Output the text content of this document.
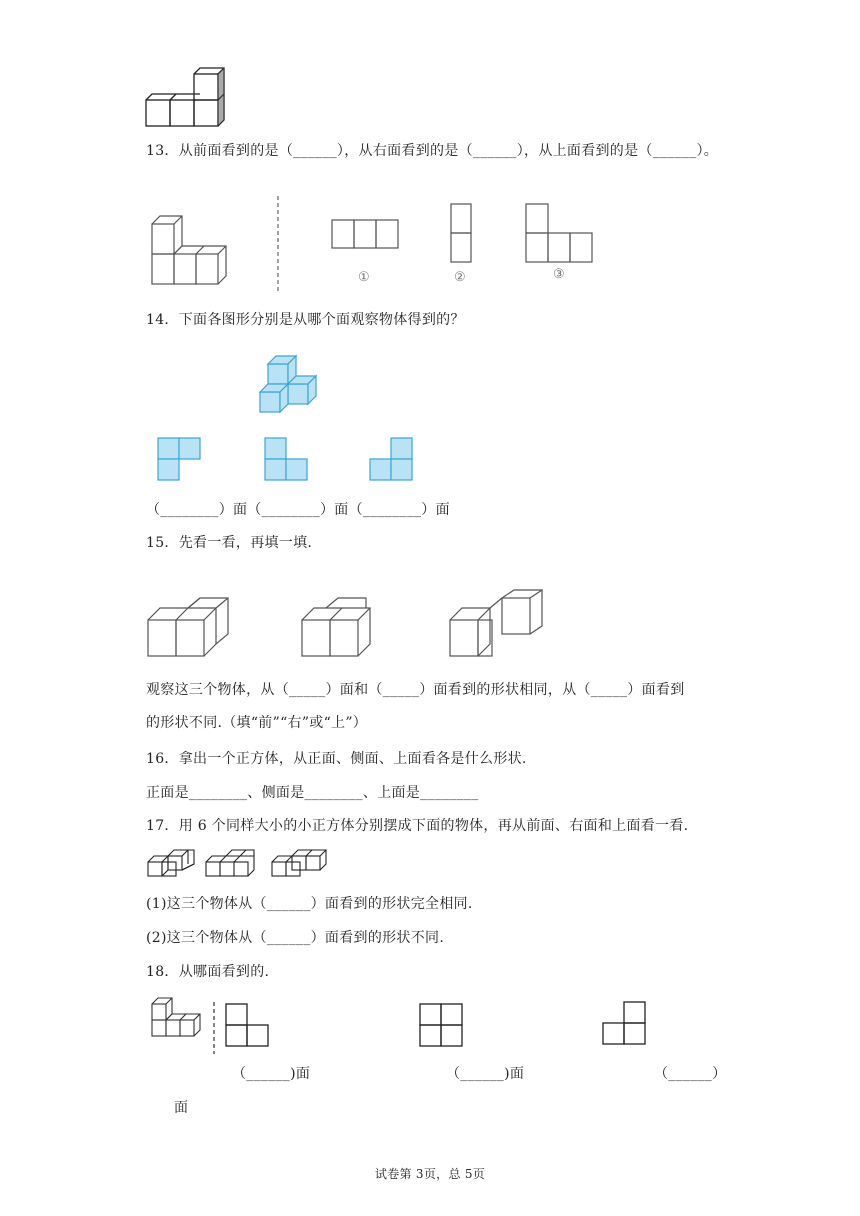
13．从前面看到的是（______），从右面看到的是（______），从上面看到的是（______）。
①	②	③
14．下面各图形分别是从哪个面观察物体得到的？
（________）面（________）面（________）面
15．先看一看，再填一填.
观察这三个物体，从（_____）面和（_____）面看到的形状相同，从（_____）面看到
的形状不同.（填“前”“右”或“上”）
16．拿出一个正方体，从正面、侧面、上面看各是什么形状.
正面是________、侧面是________、上面是________
17．用 6 个同样大小的小正方体分别摆成下面的物体，再从前面、右面和上面看一看.
(1)这三个物体从（______）面看到的形状完全相同.
(2)这三个物体从（______）面看到的形状不同.
18．从哪面看到的.
（______)面	（______)面	（______）
面
试卷第 3页，总 5页
